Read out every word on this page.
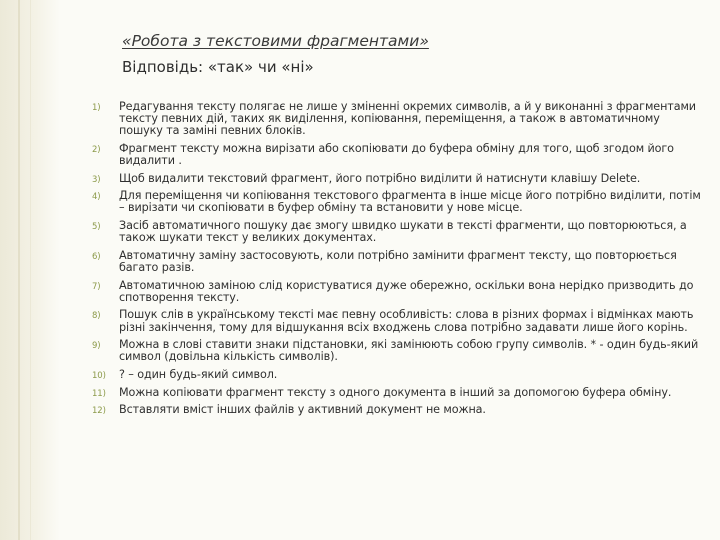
«Робота з текстовими фрагментами»
Відповідь: «так» чи «ні»
1) Редагування тексту полягає не лише у зміненні окремих символів, а й у виконанні з фрагментами тексту певних дій, таких як виділення, копіювання, переміщення, а також в автоматичному пошуку та заміні певних блоків.
2) Фрагмент тексту можна вирізати або скопіювати до буфера обміну для того, щоб згодом його видалити .
3) Щоб видалити текстовий фрагмент, його потрібно виділити й натиснути клавішу Delete.
4) Для переміщення чи копіювання текстового фрагмента в інше місце його потрібно виділити, потім – вирізати чи скопіювати в буфер обміну та встановити у нове місце.
5) Засіб автоматичного пошуку дає змогу швидко шукати в тексті фрагменти, що повторюються, а також шукати текст у великих документах.
6) Автоматичну заміну застосовують, коли потрібно замінити фрагмент тексту, що повторюється багато разів.
7) Автоматичною заміною слід користуватися дуже обережно, оскільки вона нерідко призводить до спотворення тексту.
8) Пошук слів в українському тексті має певну особливість: слова в різних формах і відмінках мають різні закінчення, тому для відшукання всіх входжень слова потрібно задавати лише його корінь.
9) Можна в слові ставити знаки підстановки, які замінюють собою групу символів. * - один будь-який символ (довільна кількість символів).
10) ? – один будь-який символ.
11) Можна копіювати фрагмент тексту з одного документа в інший за допомогою буфера обміну.
12) Вставляти вміст інших файлів у активний документ не можна.
